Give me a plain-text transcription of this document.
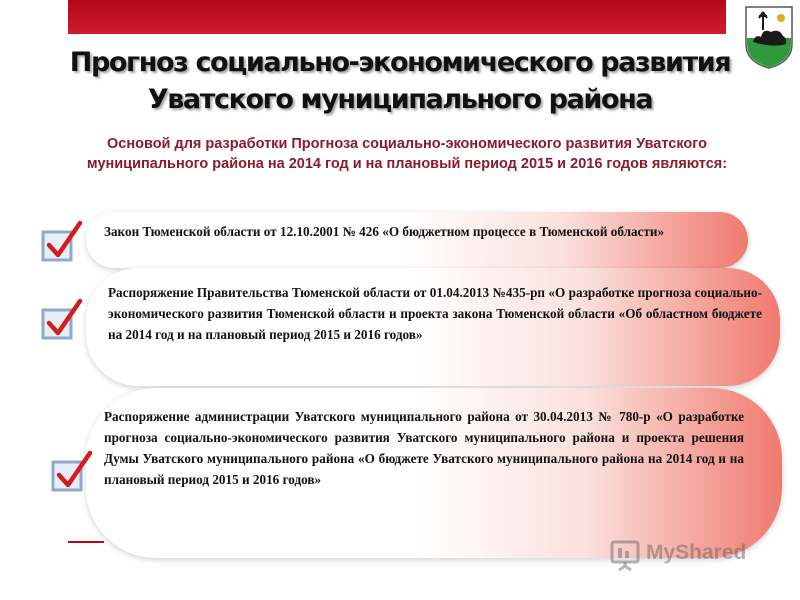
Прогноз социально-экономического развития Уватского муниципального района

Основой для разработки Прогноза социально-экономического развития Уватского муниципального района на 2014 год и на плановый период 2015 и 2016 годов являются:

Закон Тюменской области от 12.10.2001 № 426 «О бюджетном процессе в Тюменской области»
Распоряжение Правительства Тюменской области от 01.04.2013 №435-рп «О разработке прогноза социально-экономического развития Тюменской области и проекта закона Тюменской области «Об областном бюджете на 2014 год и на плановый период 2015 и 2016 годов»
Распоряжение администрации Уватского муниципального района от 30.04.2013 № 780-р «О разработке прогноза социально-экономического развития Уватского муниципального района и проекта решения Думы Уватского муниципального района «О бюджете Уватского муниципального района на 2014 год и на плановый период 2015 и 2016 годов»
MyShared
